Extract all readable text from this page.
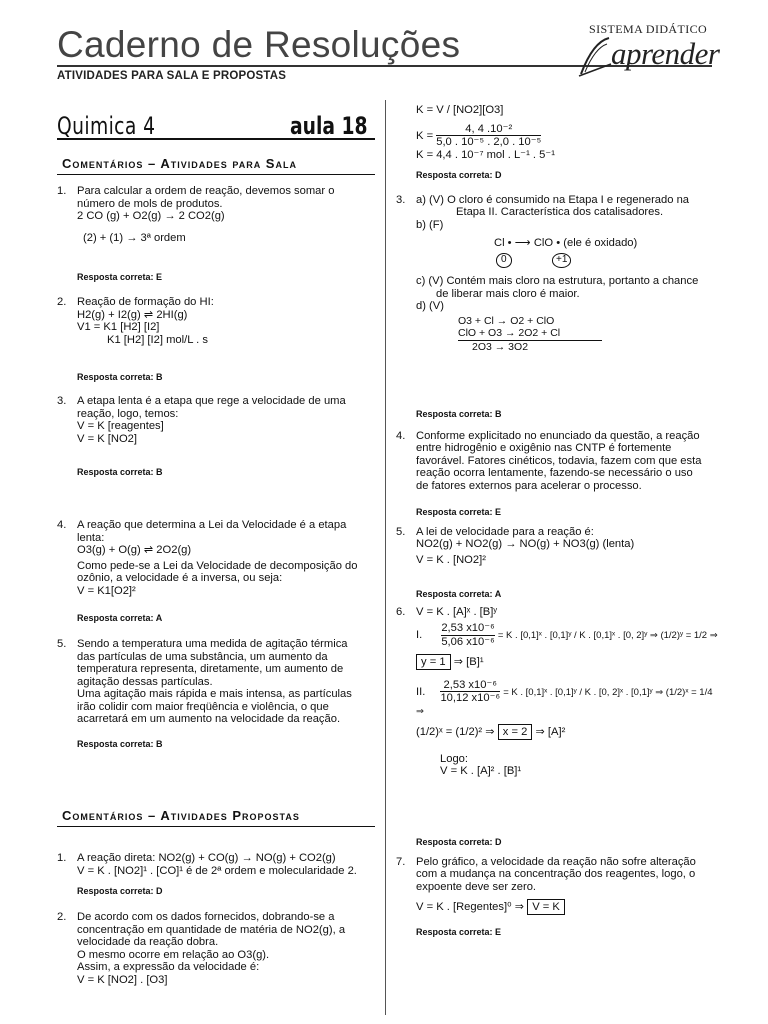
Caderno de Resoluções
ATIVIDADES PARA SALA E PROPOSTAS
SISTEMA DIDÁTICO
aprender
Quimica 4	aula 18
Comentários – Atividades para Sala
1. Para calcular a ordem de reação, devemos somar o

número de mols de produtos.

2 CO (g) + O2(g) → 2 CO2(g)

(2) + (1) → 3ª ordem

Resposta correta: E
2. Reação de formação do HI:

H2(g) + I2(g) ⇌ 2HI(g)

V1 = K1 [H2] [I2]

K1 [H2] [I2] mol/L . s

Resposta correta: B
3. A etapa lenta é a etapa que rege a velocidade de uma

reação, logo, temos:

V = K [reagentes]

V = K [NO2]

Resposta correta: B
4. A reação que determina a Lei da Velocidade é a etapa

lenta:

O3(g) + O(g) ⇌ 2O2(g)

Como pede-se a Lei da Velocidade de decomposição do

ozônio, a velocidade é a inversa, ou seja:

V = K1[O2]²

Resposta correta: A
5. Sendo a temperatura uma medida de agitação térmica

das partículas de uma substância, um aumento da

temperatura representa, diretamente, um aumento de

agitação dessas partículas.

Uma agitação mais rápida e mais intensa, as partículas

irão colidir com maior freqüência e violência, o que

acarretará em um aumento na velocidade da reação.

Resposta correta: B
Comentários – Atividades Propostas
1. A reação direta: NO2(g) + CO(g) → NO(g) + CO2(g)

V = K . [NO2]¹ . [CO]¹ é de 2ª ordem e molecularidade 2.

Resposta correta: D
2. De acordo com os dados fornecidos, dobrando-se a

concentração em quantidade de matéria de NO2(g), a

velocidade da reação dobra.

O mesmo ocorre em relação ao O3(g).

Assim, a expressão da velocidade é:

V = K [NO2] . [O3]

K = V / [NO2][O3]

$K = \frac{\text{4, 4 .10⁻²}}{\text{5,0 . 10⁻⁵ . 2,0 . 10⁻⁵}}$

K = 4,4 . 10⁻⁷ mol . L⁻¹ . 5⁻¹

Resposta correta: D

3. a) (V) O cloro é consumido na Etapa I e regenerado na

Etapa II. Característica dos catalisadores.

b) (F)

Cl • ⟶ ClO • (ele é oxidado)
0	+1

c) (V) Contém mais cloro na estrutura, portanto a chance

de liberar mais cloro é maior.

d) (V)

O3 + Cl → O2 + ClO

ClO + O3 → 2O2 + Cl

2O3 → 3O2

Resposta correta: B
4. Conforme explicitado no enunciado da questão, a reação

entre hidrogênio e oxigênio nas CNTP é fortemente

favorável. Fatores cinéticos, todavia, fazem com que esta

reação ocorra lentamente, fazendo-se necessário o uso

de fatores externos para acelerar o processo.

Resposta correta: E
5. A lei de velocidade para a reação é:

NO2(g) + NO2(g) → NO(g) + NO3(g) (lenta)

V = K . [NO2]²

Resposta correta: A
6. V = K . [A]ˣ . [B]ʸ

I. $\frac{\text{2,53 x10⁻⁶}}{\text{5,06 x10⁻⁶}} = K$ . [0,1]ˣ . [0,1]ʸ / K . [0,1]ˣ . [0, 2]ʸ ⇒ (1/2)ʸ = 1/2 ⇒

y = 1 ⇒ [B]¹

II. $\frac{\text{2,53 x10⁻⁶}}{\text{10,12 x10⁻⁶}} = K$ . [0,1]ˣ . [0,1]ʸ / K . [0, 2]ˣ . [0,1]ʸ ⇒ (1/2)ˣ = 1/4 ⇒

(1/2)ˣ = (1/2)² ⇒ x = 2 ⇒ [A]²

Logo:

V = K . [A]² . [B]¹

Resposta correta: D
7. Pelo gráfico, a velocidade da reação não sofre alteração

com a mudança na concentração dos reagentes, logo, o

expoente deve ser zero.

V = K . [Regentes]⁰ ⇒ V = K

Resposta correta: E
